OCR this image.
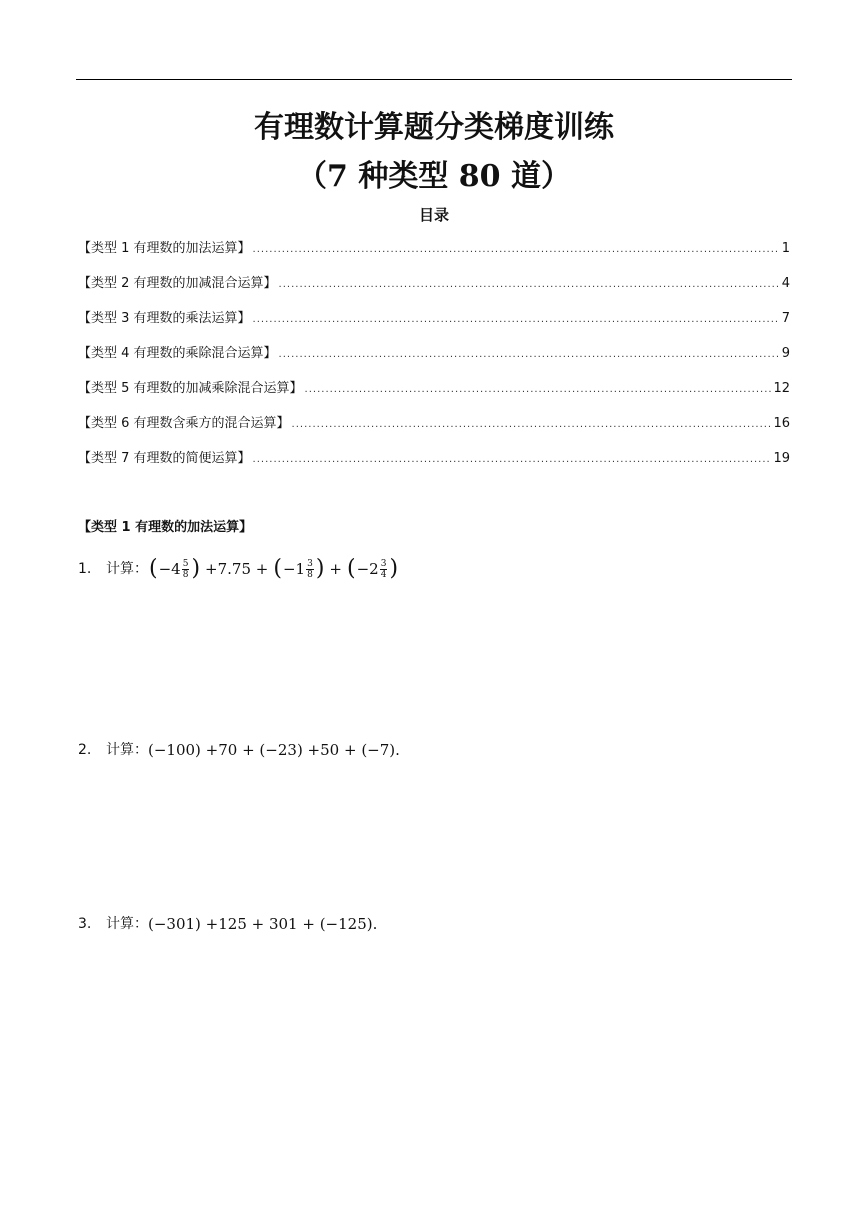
有理数计算题分类梯度训练
（7 种类型 80 道）
目录
【类型 1 有理数的加法运算】 .....	1
【类型 2 有理数的加减混合运算】 .....	4
【类型 3 有理数的乘法运算】 .....	7
【类型 4 有理数的乘除混合运算】 .....	9
【类型 5 有理数的加减乘除混合运算】 .....	12
【类型 6 有理数含乘方的混合运算】 .....	16
【类型 7 有理数的简便运算】 .....	19
【类型 1 有理数的加法运算】
1.	计算： ( $-4 \frac{5}{8}$ ) +7.75 + ( $-1 \frac{3}{8}$ ) + ( $-2 \frac{3}{4}$ )
2.	计算： (−100) +70 + (−23) +50 + (−7).
3.	计算： (−301) +125 + 301 + (−125).
